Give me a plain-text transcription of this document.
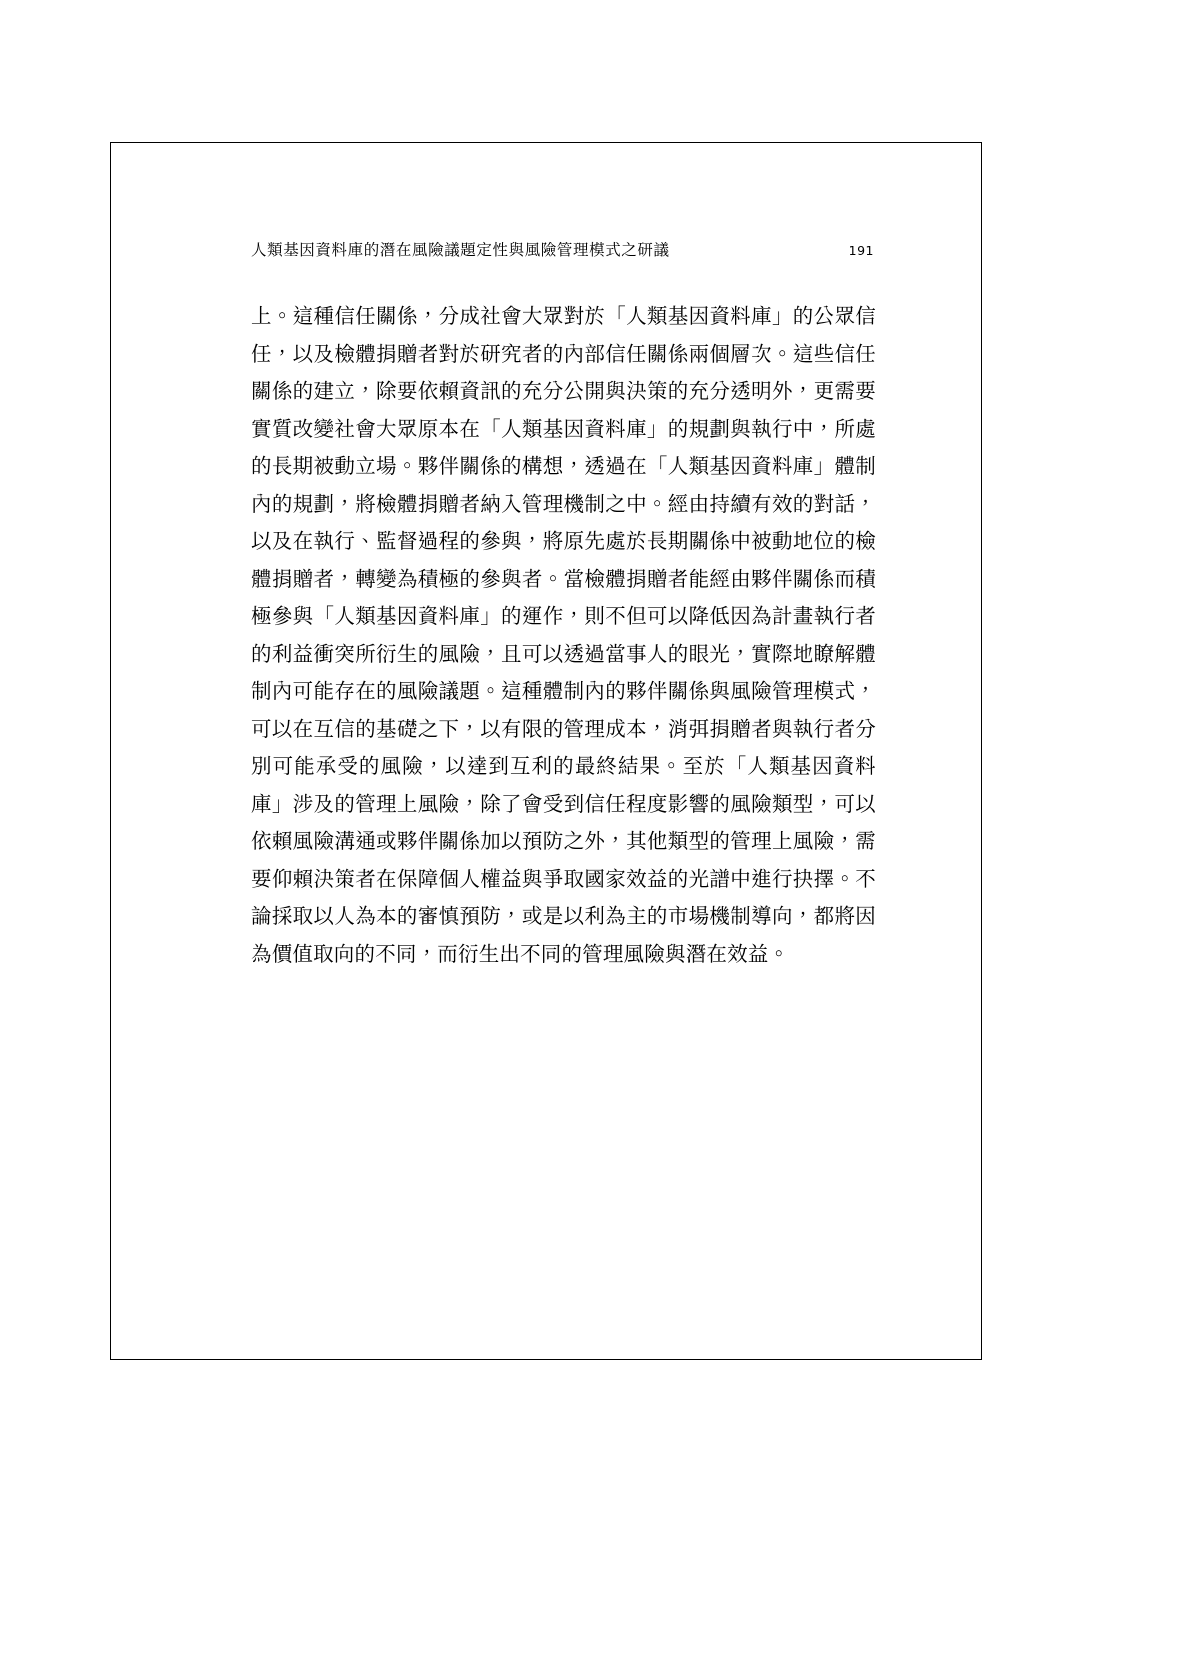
人類基因資料庫的潛在風險議題定性與風險管理模式之研議	191

上。這種信任關係，分成社會大眾對於「人類基因資料庫」的公眾信任，以及檢體捐贈者對於研究者的內部信任關係兩個層次。這些信任關係的建立，除要依賴資訊的充分公開與決策的充分透明外，更需要實質改變社會大眾原本在「人類基因資料庫」的規劃與執行中，所處的長期被動立場。夥伴關係的構想，透過在「人類基因資料庫」體制內的規劃，將檢體捐贈者納入管理機制之中。經由持續有效的對話，以及在執行、監督過程的參與，將原先處於長期關係中被動地位的檢體捐贈者，轉變為積極的參與者。當檢體捐贈者能經由夥伴關係而積極參與「人類基因資料庫」的運作，則不但可以降低因為計畫執行者的利益衝突所衍生的風險，且可以透過當事人的眼光，實際地瞭解體制內可能存在的風險議題。這種體制內的夥伴關係與風險管理模式，可以在互信的基礎之下，以有限的管理成本，消弭捐贈者與執行者分別可能承受的風險，以達到互利的最終結果。至於「人類基因資料庫」涉及的管理上風險，除了會受到信任程度影響的風險類型，可以依賴風險溝通或夥伴關係加以預防之外，其他類型的管理上風險，需要仰賴決策者在保障個人權益與爭取國家效益的光譜中進行抉擇。不論採取以人為本的審慎預防，或是以利為主的市場機制導向，都將因為價值取向的不同，而衍生出不同的管理風險與潛在效益。
